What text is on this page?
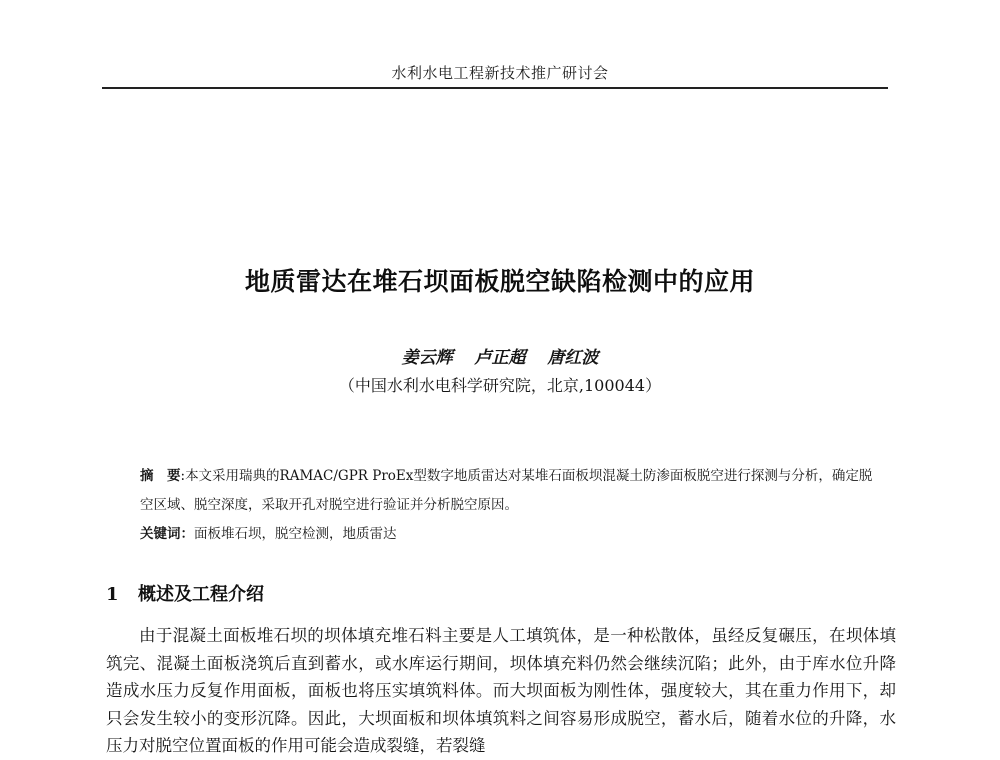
水利水电工程新技术推广研讨会
地质雷达在堆石坝面板脱空缺陷检测中的应用
姜云辉 卢正超 唐红波
（中国水利水电科学研究院，北京,100044）
摘　要:本文采用瑞典的RAMAC/GPR ProEx型数字地质雷达对某堆石面板坝混凝土防渗面板脱空进行探测与分析，确定脱空区域、脱空深度，采取开孔对脱空进行验证并分析脱空原因。
关键词：面板堆石坝，脱空检测，地质雷达
1 概述及工程介绍

由于混凝土面板堆石坝的坝体填充堆石料主要是人工填筑体，是一种松散体，虽经反复碾压，在坝体填筑完、混凝土面板浇筑后直到蓄水，或水库运行期间，坝体填充料仍然会继续沉陷；此外，由于库水位升降造成水压力反复作用面板，面板也将压实填筑料体。而大坝面板为刚性体，强度较大，其在重力作用下，却只会发生较小的变形沉降。因此，大坝面板和坝体填筑料之间容易形成脱空，蓄水后，随着水位的升降，水压力对脱空位置面板的作用可能会造成裂缝，若裂缝
